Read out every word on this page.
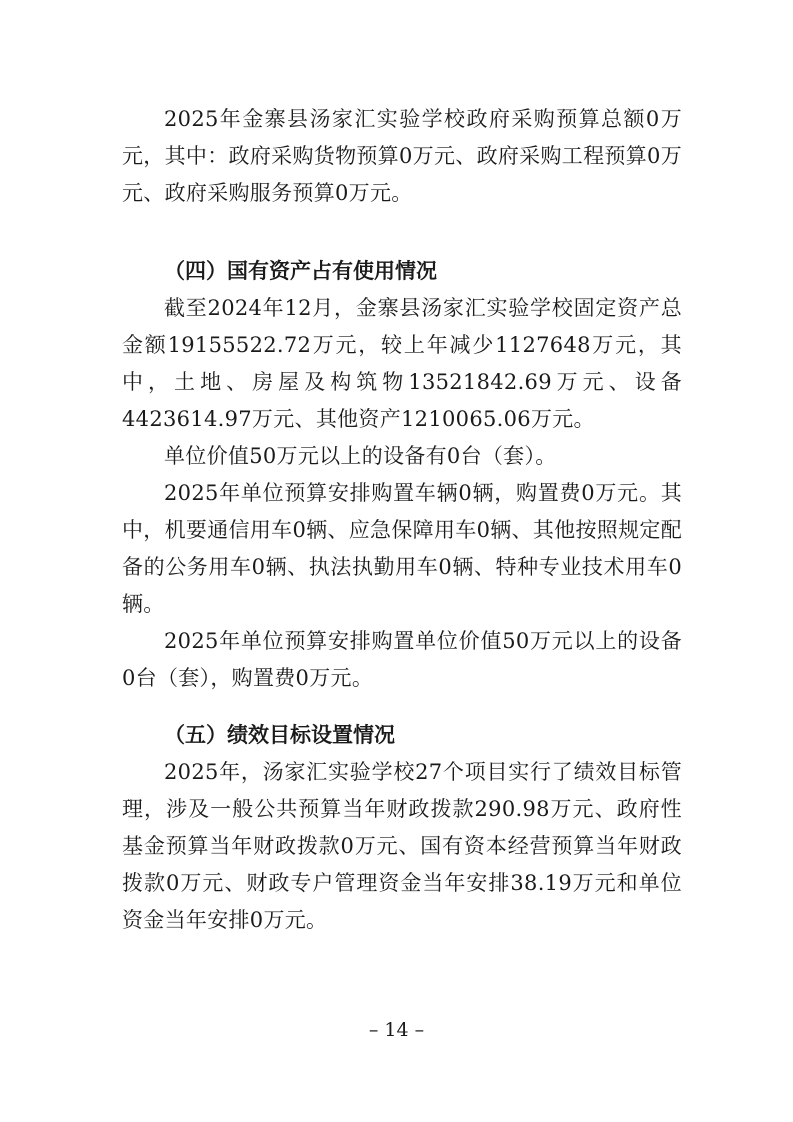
2025年金寨县汤家汇实验学校政府采购预算总额0万元，其中：政府采购货物预算0万元、政府采购工程预算0万元、政府采购服务预算0万元。

（四）国有资产占有使用情况

截至2024年12月，金寨县汤家汇实验学校固定资产总金额19155522.72万元，较上年减少1127648万元，其中，土地、房屋及构筑物13521842.69万元、设备4423614.97万元、其他资产1210065.06万元。

单位价值50万元以上的设备有0台（套）。

2025年单位预算安排购置车辆0辆，购置费0万元。其中，机要通信用车0辆、应急保障用车0辆、其他按照规定配备的公务用车0辆、执法执勤用车0辆、特种专业技术用车0辆。

2025年单位预算安排购置单位价值50万元以上的设备0台（套），购置费0万元。

（五）绩效目标设置情况

2025年，汤家汇实验学校27个项目实行了绩效目标管理，涉及一般公共预算当年财政拨款290.98万元、政府性基金预算当年财政拨款0万元、国有资本经营预算当年财政拨款0万元、财政专户管理资金当年安排38.19万元和单位资金当年安排0万元。

– 14 –
